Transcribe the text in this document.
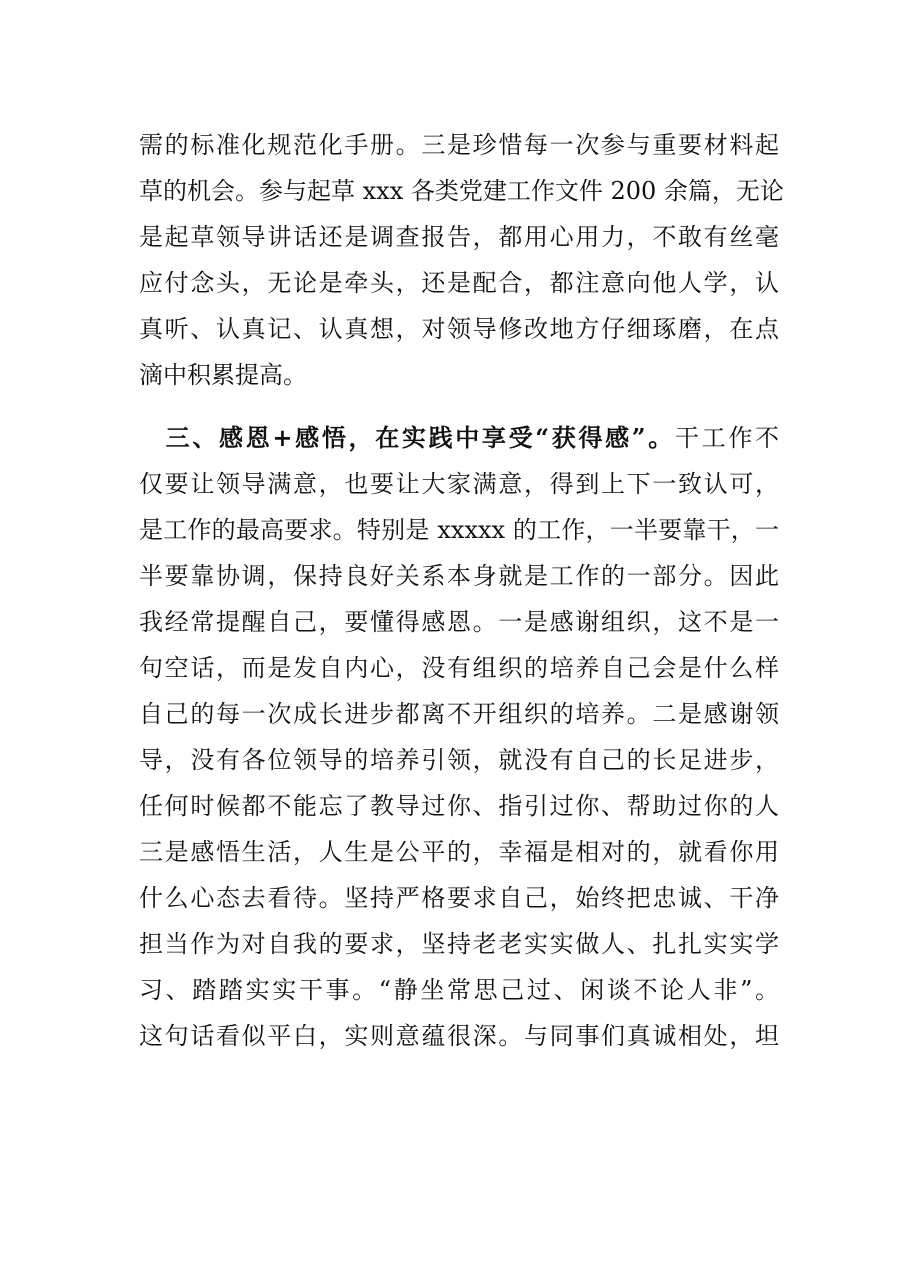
需的标准化规范化手册。三是珍惜每一次参与重要材料起
草的机会。参与起草 xxx 各类党建工作文件 200 余篇，无论
是起草领导讲话还是调查报告，都用心用力，不敢有丝毫
应付念头，无论是牵头，还是配合，都注意向他人学，认
真听、认真记、认真想，对领导修改地方仔细琢磨，在点
滴中积累提高。
三、感恩+感悟，在实践中享受“获得感”。干工作不
仅要让领导满意，也要让大家满意，得到上下一致认可，
是工作的最高要求。特别是 xxxxx 的工作，一半要靠干，一
半要靠协调，保持良好关系本身就是工作的一部分。因此
我经常提醒自己，要懂得感恩。一是感谢组织，这不是一
句空话，而是发自内心，没有组织的培养自己会是什么样
自己的每一次成长进步都离不开组织的培养。二是感谢领
导，没有各位领导的培养引领，就没有自己的长足进步，
任何时候都不能忘了教导过你、指引过你、帮助过你的人
三是感悟生活，人生是公平的，幸福是相对的，就看你用
什么心态去看待。坚持严格要求自己，始终把忠诚、干净
担当作为对自我的要求，坚持老老实实做人、扎扎实实学
习、踏踏实实干事。“静坐常思己过、闲谈不论人非”。
这句话看似平白，实则意蕴很深。与同事们真诚相处，坦
